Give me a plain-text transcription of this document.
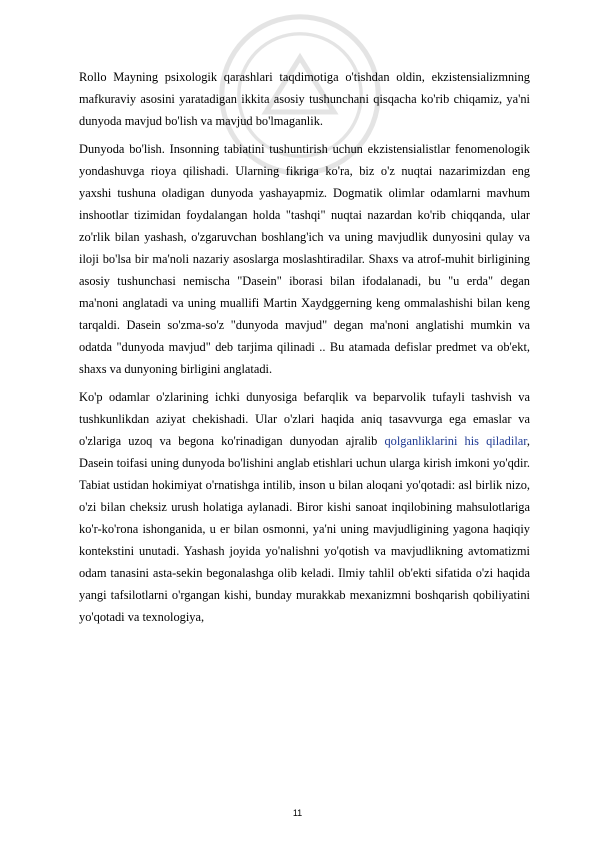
Rollo Mayning psixologik qarashlari taqdimotiga o'tishdan oldin, ekzistensializmning mafkuraviy asosini yaratadigan ikkita asosiy tushunchani qisqacha ko'rib chiqamiz, ya'ni dunyoda mavjud bo'lish va mavjud bo'lmaganlik.

Dunyoda bo'lish. Insonning tabiatini tushuntirish uchun ekzistensialistlar fenomenologik yondashuvga rioya qilishadi. Ularning fikriga ko'ra, biz o'z nuqtai nazarimizdan eng yaxshi tushuna oladigan dunyoda yashayapmiz. Dogmatik olimlar odamlarni mavhum inshootlar tizimidan foydalangan holda "tashqi" nuqtai nazardan ko'rib chiqqanda, ular zo'rlik bilan yashash, o'zgaruvchan boshlang'ich va uning mavjudlik dunyosini qulay va iloji bo'lsa bir ma'noli nazariy asoslarga moslashtiradilar. Shaxs va atrof-muhit birligining asosiy tushunchasi nemischa "Dasein" iborasi bilan ifodalanadi, bu "u erda" degan ma'noni anglatadi va uning muallifi Martin Xaydggerning keng ommalashishi bilan keng tarqaldi. Dasein so'zma-so'z "dunyoda mavjud" degan ma'noni anglatishi mumkin va odatda "dunyoda mavjud" deb tarjima qilinadi .. Bu atamada defislar predmet va ob'ekt, shaxs va dunyoning birligini anglatadi.

Ko'p odamlar o'zlarining ichki dunyosiga befarqlik va beparvolik tufayli tashvish va tushkunlikdan aziyat chekishadi. Ular o'zlari haqida aniq tasavvurga ega emaslar va o'zlariga uzoq va begona ko'rinadigan dunyodan ajralib qolganliklarini his qiladilar, Dasein toifasi uning dunyoda bo'lishini anglab etishlari uchun ularga kirish imkoni yo'qdir. Tabiat ustidan hokimiyat o'rnatishga intilib, inson u bilan aloqani yo'qotadi: asl birlik nizo, o'zi bilan cheksiz urush holatiga aylanadi. Biror kishi sanoat inqilobining mahsulotlariga ko'r-ko'rona ishonganida, u er bilan osmonni, ya'ni uning mavjudligining yagona haqiqiy kontekstini unutadi. Yashash joyida yo'nalishni yo'qotish va mavjudlikning avtomatizmi odam tanasini asta-sekin begonalashga olib keladi. Ilmiy tahlil ob'ekti sifatida o'zi haqida yangi tafsilotlarni o'rgangan kishi, bunday murakkab mexanizmni boshqarish qobiliyatini yo'qotadi va texnologiya,

11
